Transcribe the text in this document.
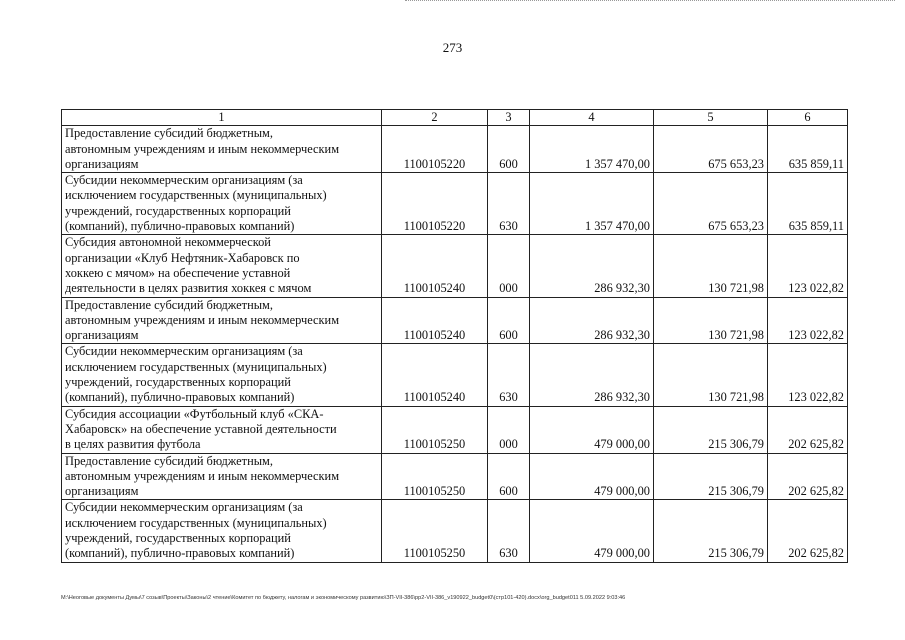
273
1	2	3	4	5	6

Предоставление субсидий бюджетным,
автономным учреждениям и иным некоммерческим
организациям	1100105220	600	1 357 470,00	675 653,23	635 859,11

Субсидии некоммерческим организациям (за
исключением государственных (муниципальных)
учреждений, государственных корпораций
(компаний), публично-правовых компаний)	1100105220	630	1 357 470,00	675 653,23	635 859,11

Субсидия автономной некоммерческой
организации «Клуб Нефтяник-Хабаровск по
хоккею с мячом» на обеспечение уставной
деятельности в целях развития хоккея с мячом	1100105240	000	286 932,30	130 721,98	123 022,82

Предоставление субсидий бюджетным,
автономным учреждениям и иным некоммерческим
организациям	1100105240	600	286 932,30	130 721,98	123 022,82

Субсидии некоммерческим организациям (за
исключением государственных (муниципальных)
учреждений, государственных корпораций
(компаний), публично-правовых компаний)	1100105240	630	286 932,30	130 721,98	123 022,82

Субсидия ассоциации «Футбольный клуб «СКА-
Хабаровск» на обеспечение уставной деятельности
в целях развития футбола	1100105250	000	479 000,00	215 306,79	202 625,82

Предоставление субсидий бюджетным,
автономным учреждениям и иным некоммерческим
организациям	1100105250	600	479 000,00	215 306,79	202 625,82

Субсидии некоммерческим организациям (за
исключением государственных (муниципальных)
учреждений, государственных корпораций
(компаний), публично-правовых компаний)	1100105250	630	479 000,00	215 306,79	202 625,82
M:\Неоговые документы Думы\7 созыв\Проекты\Законы\2 чтение\Комитет по бюджету, налогам и экономическому развитию\ЗП-VII-386\рр2-VII-386_v190922_budget0\(стр101-420).docx\org_budget011 5.09.2022 9:03:46
